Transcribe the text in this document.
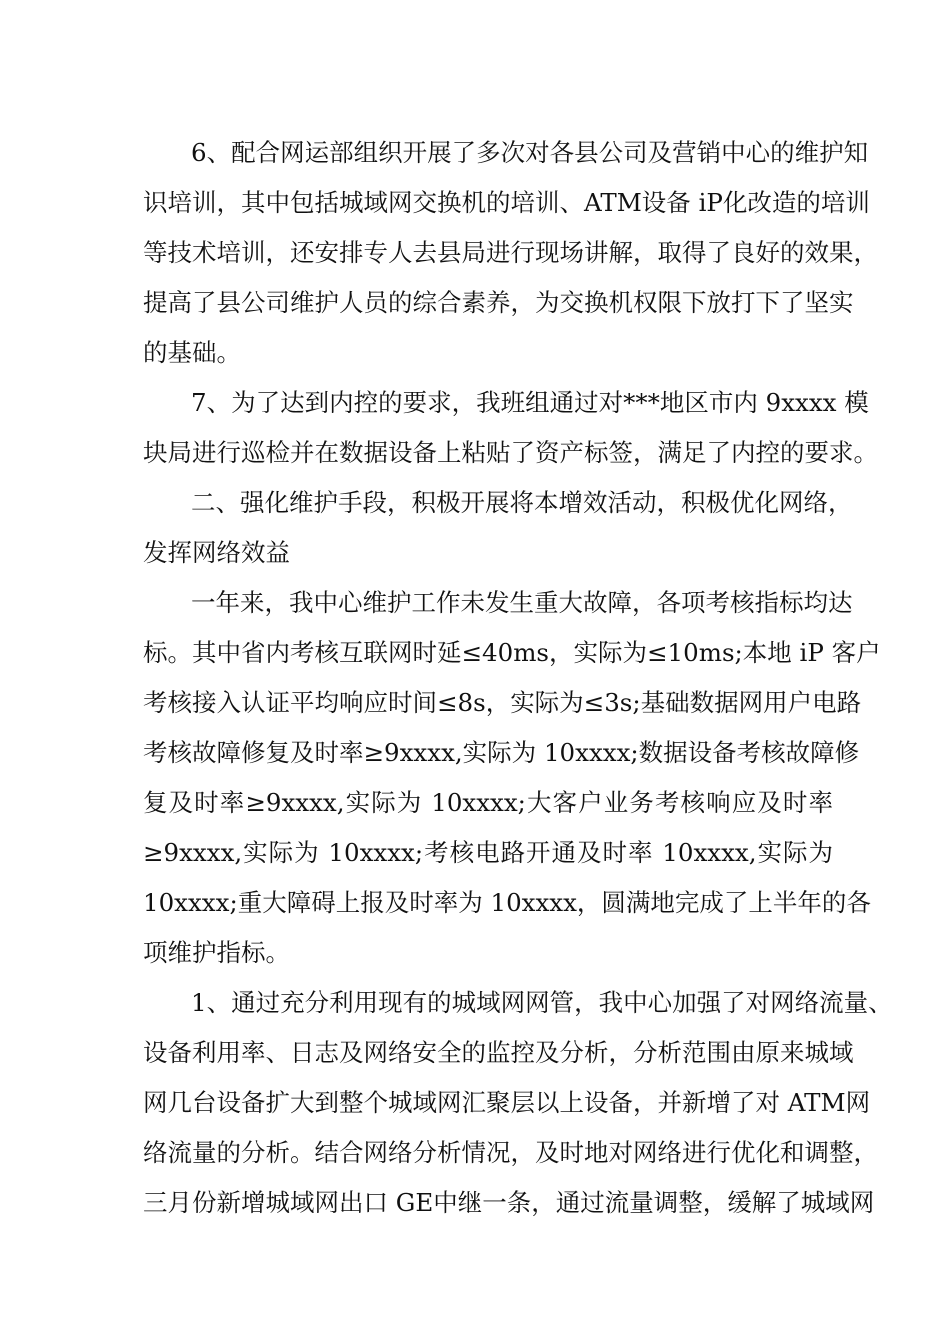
6、配合网运部组织开展了多次对各县公司及营销中心的维护知
识培训，其中包括城域网交换机的培训、ATM设备 iP化改造的培训
等技术培训，还安排专人去县局进行现场讲解，取得了良好的效果，
提高了县公司维护人员的综合素养，为交换机权限下放打下了坚实
的基础。
7、为了达到内控的要求，我班组通过对***地区市内 9xxxx 模
块局进行巡检并在数据设备上粘贴了资产标签，满足了内控的要求。
二、强化维护手段，积极开展将本增效活动，积极优化网络，
发挥网络效益
一年来，我中心维护工作未发生重大故障，各项考核指标均达
标。其中省内考核互联网时延≤40ms，实际为≤10ms;本地 iP 客户
考核接入认证平均响应时间≤8s，实际为≤3s;基础数据网用户电路
考核故障修复及时率≥9xxxx,实际为 10xxxx;数据设备考核故障修
复及时率≥9xxxx,实际为 10xxxx;大客户业务考核响应及时率
≥9xxxx,实际为 10xxxx;考核电路开通及时率 10xxxx,实际为
10xxxx;重大障碍上报及时率为 10xxxx，圆满地完成了上半年的各
项维护指标。
1、通过充分利用现有的城域网网管，我中心加强了对网络流量、
设备利用率、日志及网络安全的监控及分析，分析范围由原来城域
网几台设备扩大到整个城域网汇聚层以上设备，并新增了对 ATM网
络流量的分析。结合网络分析情况，及时地对网络进行优化和调整，
三月份新增城域网出口 GE中继一条，通过流量调整，缓解了城域网
